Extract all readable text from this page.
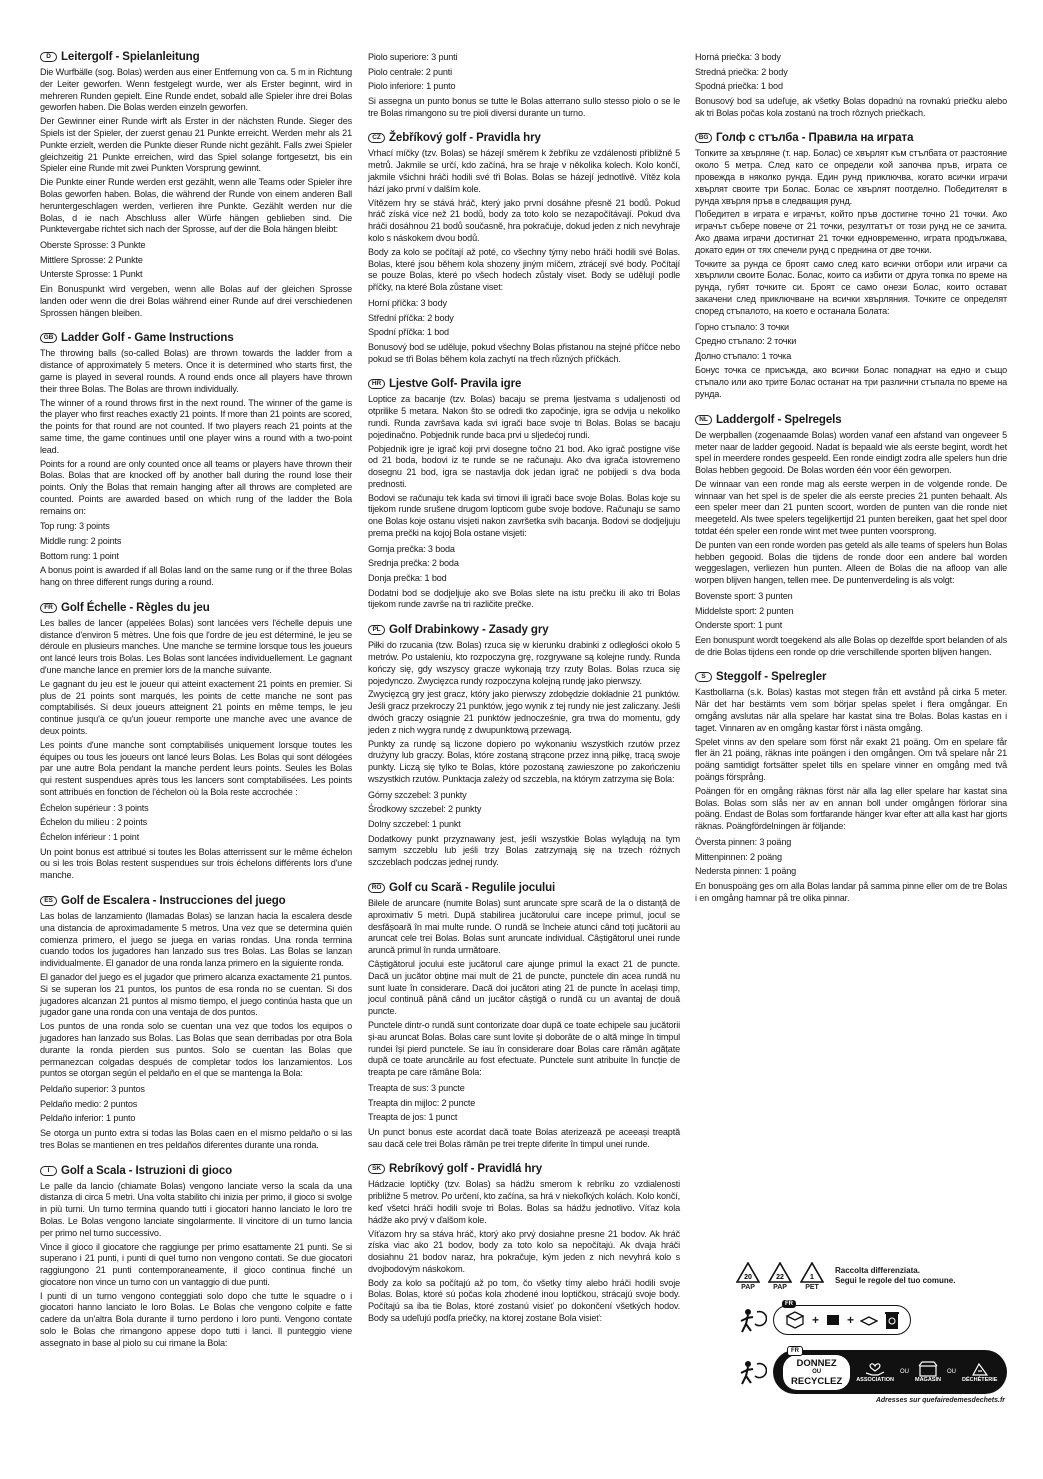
D Leitergolf - Spielanleitung

Die Wurfbälle (sog. Bolas) werden aus einer Entfernung von ca. 5 m in Richtung der Leiter geworfen. Wenn festgelegt wurde, wer als Erster beginnt, wird in mehreren Runden gepielt. Eine Runde endet, sobald alle Spieler ihre drei Bolas geworfen haben. Die Bolas werden einzeln geworfen.

Der Gewinner einer Runde wirft als Erster in der nächsten Runde. Sieger des Spiels ist der Spieler, der zuerst genau 21 Punkte erreicht. Werden mehr als 21 Punkte erzielt, werden die Punkte dieser Runde nicht gezählt. Falls zwei Spieler gleichzeitig 21 Punkte erreichen, wird das Spiel solange fortgesetzt, bis ein Spieler eine Runde mit zwei Punkten Vorsprung gewinnt.

Die Punkte einer Runde werden erst gezählt, wenn alle Teams oder Spieler ihre Bolas geworfen haben. Bolas, die während der Runde von einem anderen Ball heruntergeschlagen werden, verlieren ihre Punkte. Gezählt werden nur die Bolas, d ie nach Abschluss aller Würfe hängen geblieben sind. Die Punktevergabe richtet sich nach der Sprosse, auf der die Bola hängen bleibt:

Oberste Sprosse: 3 Punkte
Mittlere Sprosse: 2 Punkte
Unterste Sprosse: 1 Punkt

Ein Bonuspunkt wird vergeben, wenn alle Bolas auf der gleichen Sprosse landen oder wenn die drei Bolas während einer Runde auf drei verschiedenen Sprossen hängen bleiben.

GB Ladder Golf - Game Instructions

The throwing balls (so-called Bolas) are thrown towards the ladder from a distance of approximately 5 meters. Once it is determined who starts first, the game is played in several rounds. A round ends once all players have thrown their three Bolas. The Bolas are thrown individually.

The winner of a round throws first in the next round. The winner of the game is the player who first reaches exactly 21 points. If more than 21 points are scored, the points for that round are not counted. If two players reach 21 points at the same time, the game continues until one player wins a round with a two-point lead.

Points for a round are only counted once all teams or players have thrown their Bolas. Bolas that are knocked off by another ball during the round lose their points. Only the Bolas that remain hanging after all throws are completed are counted. Points are awarded based on which rung of the ladder the Bola remains on:

Top rung: 3 points
Middle rung: 2 points
Bottom rung: 1 point

A bonus point is awarded if all Bolas land on the same rung or if the three Bolas hang on three different rungs during a round.

FR Golf Échelle - Règles du jeu

Les balles de lancer (appelées Bolas) sont lancées vers l'échelle depuis une distance d'environ 5 mètres. Une fois que l'ordre de jeu est déterminé, le jeu se déroule en plusieurs manches. Une manche se termine lorsque tous les joueurs ont lancé leurs trois Bolas. Les Bolas sont lancées individuellement. Le gagnant d'une manche lance en premier lors de la manche suivante.

Le gagnant du jeu est le joueur qui atteint exactement 21 points en premier. Si plus de 21 points sont marqués, les points de cette manche ne sont pas comptabilisés. Si deux joueurs atteignent 21 points en même temps, le jeu continue jusqu'à ce qu'un joueur remporte une manche avec une avance de deux points.

Les points d'une manche sont comptabilisés uniquement lorsque toutes les équipes ou tous les joueurs ont lancé leurs Bolas. Les Bolas qui sont délogées par une autre Bola pendant la manche perdent leurs points. Seules les Bolas qui restent suspendues après tous les lancers sont comptabilisées. Les points sont attribués en fonction de l'échelon où la Bola reste accrochée :

Échelon supérieur : 3 points
Échelon du milieu : 2 points
Échelon inférieur : 1 point

Un point bonus est attribué si toutes les Bolas atterrissent sur le même échelon ou si les trois Bolas restent suspendues sur trois échelons différents lors d'une manche.

ES Golf de Escalera - Instrucciones del juego

Las bolas de lanzamiento (llamadas Bolas) se lanzan hacia la escalera desde una distancia de aproximadamente 5 metros. Una vez que se determina quién comienza primero, el juego se juega en varias rondas. Una ronda termina cuando todos los jugadores han lanzado sus tres Bolas. Las Bolas se lanzan individualmente. El ganador de una ronda lanza primero en la siguiente ronda.

El ganador del juego es el jugador que primero alcanza exactamente 21 puntos. Si se superan los 21 puntos, los puntos de esa ronda no se cuentan. Si dos jugadores alcanzan 21 puntos al mismo tiempo, el juego continúa hasta que un jugador gane una ronda con una ventaja de dos puntos.

Los puntos de una ronda solo se cuentan una vez que todos los equipos o jugadores han lanzado sus Bolas. Las Bolas que sean derribadas por otra Bola durante la ronda pierden sus puntos. Solo se cuentan las Bolas que permanezcan colgadas después de completar todos los lanzamientos. Los puntos se otorgan según el peldaño en el que se mantenga la Bola:

Peldaño superior: 3 puntos
Peldaño medio: 2 puntos
Peldaño inferior: 1 punto

Se otorga un punto extra si todas las Bolas caen en el mismo peldaño o si las tres Bolas se mantienen en tres peldaños diferentes durante una ronda.

I	Golf a Scala - Istruzioni di gioco

Le palle da lancio (chiamate Bolas) vengono lanciate verso la scala da una distanza di circa 5 metri. Una volta stabilito chi inizia per primo, il gioco si svolge in più turni. Un turno termina quando tutti i giocatori hanno lanciato le loro tre Bolas. Le Bolas vengono lanciate singolarmente. Il vincitore di un turno lancia per primo nel turno successivo.

Vince il gioco il giocatore che raggiunge per primo esattamente 21 punti. Se si superano i 21 punti, i punti di quel turno non vengono contati. Se due giocatori raggiungono 21 punti contemporaneamente, il gioco continua finché un giocatore non vince un turno con un vantaggio di due punti.

I punti di un turno vengono conteggiati solo dopo che tutte le squadre o i giocatori hanno lanciato le loro Bolas. Le Bolas che vengono colpite e fatte cadere da un'altra Bola durante il turno perdono i loro punti. Vengono contate solo le Bolas che rimangono appese dopo tutti i lanci. Il punteggio viene assegnato in base al piolo su cui rimane la Bola:

Piolo superiore: 3 punti
Piolo centrale: 2 punti
Piolo inferiore: 1 punto

Si assegna un punto bonus se tutte le Bolas atterrano sullo stesso piolo o se le tre Bolas rimangono su tre pioli diversi durante un turno.

CZ Žebříkový golf - Pravidla hry

Vrhací míčky (tzv. Bolas) se házejí směrem k žebříku ze vzdálenosti přibližně 5 metrů. Jakmile se určí, kdo začíná, hra se hraje v několika kolech. Kolo končí, jakmile všichni hráči hodili své tři Bolas. Bolas se házejí jednotlivě. Vítěz kola hází jako první v dalším kole.

Vítězem hry se stává hráč, který jako první dosáhne přesně 21 bodů. Pokud hráč získá více než 21 bodů, body za toto kolo se nezapočítávají. Pokud dva hráči dosáhnou 21 bodů současně, hra pokračuje, dokud jeden z nich nevyhraje kolo s náskokem dvou bodů.

Body za kolo se počítají až poté, co všechny týmy nebo hráči hodili své Bolas. Bolas, které jsou během kola shozeny jiným míčem, ztrácejí své body. Počítají se pouze Bolas, které po všech hodech zůstaly viset. Body se udělují podle příčky, na které Bola zůstane viset:

Horní příčka: 3 body
Střední příčka: 2 body
Spodní příčka: 1 bod

Bonusový bod se uděluje, pokud všechny Bolas přistanou na stejné příčce nebo pokud se tři Bolas během kola zachytí na třech různých příčkách.

HR Ljestve Golf- Pravila igre

Loptice za bacanje (tzv. Bolas) bacaju se prema ljestvama s udaljenosti od otprilike 5 metara. Nakon što se odredi tko započinje, igra se odvija u nekoliko rundi. Runda završava kada svi igrači bace svoje tri Bolas. Bolas se bacaju pojedinačno. Pobjednik runde baca prvi u sljedećoj rundi.

Pobjednik igre je igrač koji prvi dosegne točno 21 bod. Ako igrač postigne više od 21 boda, bodovi iz te runde se ne računaju. Ako dva igrača istovremeno dosegnu 21 bod, igra se nastavlja dok jedan igrač ne pobijedi s dva boda prednosti.

Bodovi se računaju tek kada svi timovi ili igrači bace svoje Bolas. Bolas koje su tijekom runde srušene drugom lopticom gube svoje bodove. Računaju se samo one Bolas koje ostanu visjeti nakon završetka svih bacanja. Bodovi se dodjeljuju prema prečki na kojoj Bola ostane visjeti:

Gornja prečka: 3 boda
Srednja prečka: 2 boda
Donja prečka: 1 bod

Dodatni bod se dodjeljuje ako sve Bolas slete na istu prečku ili ako tri Bolas tijekom runde završe na tri različite prečke.

PL Golf Drabinkowy - Zasady gry

Piłki do rzucania (tzw. Bolas) rzuca się w kierunku drabinki z odległości około 5 metrów. Po ustaleniu, kto rozpoczyna grę, rozgrywane są kolejne rundy. Runda kończy się, gdy wszyscy gracze wykonają trzy rzuty Bolas. Bolas rzuca się pojedynczo. Zwycięzca rundy rozpoczyna kolejną rundę jako pierwszy.

Zwycięzcą gry jest gracz, który jako pierwszy zdobędzie dokładnie 21 punktów. Jeśli gracz przekroczy 21 punktów, jego wynik z tej rundy nie jest zaliczany. Jeśli dwóch graczy osiągnie 21 punktów jednocześnie, gra trwa do momentu, gdy jeden z nich wygra rundę z dwupunktową przewagą.

Punkty za rundę są liczone dopiero po wykonaniu wszystkich rzutów przez drużyny lub graczy. Bolas, które zostaną strącone przez inną piłkę, tracą swoje punkty. Liczą się tylko te Bolas, które pozostaną zawieszone po zakończeniu wszystkich rzutów. Punktacja zależy od szczebla, na którym zatrzyma się Bola:

Górny szczebel: 3 punkty
Środkowy szczebel: 2 punkty
Dolny szczebel: 1 punkt

Dodatkowy punkt przyznawany jest, jeśli wszystkie Bolas wylądują na tym samym szczeblu lub jeśli trzy Bolas zatrzymają się na trzech różnych szczeblach podczas jednej rundy.

RO Golf cu Scară - Regulile jocului

Bilele de aruncare (numite Bolas) sunt aruncate spre scară de la o distanță de aproximativ 5 metri. După stabilirea jucătorului care incepe primul, jocul se desfășoară în mai multe runde. O rundă se încheie atunci când toți jucătorii au aruncat cele trei Bolas. Bolas sunt aruncate individual. Câștigătorul unei runde aruncă primul în runda următoare.

Câștigătorul jocului este jucătorul care ajunge primul la exact 21 de puncte. Dacă un jucător obține mai mult de 21 de puncte, punctele din acea rundă nu sunt luate în considerare. Dacă doi jucători ating 21 de puncte în același timp, jocul continuă până când un jucător câștigă o rundă cu un avantaj de două puncte.

Punctele dintr-o rundă sunt contorizate doar după ce toate echipele sau jucătorii și-au aruncat Bolas. Bolas care sunt lovite și doborâte de o altă minge în timpul rundei își pierd punctele. Se iau în considerare doar Bolas care rămân agățate după ce toate aruncările au fost efectuate. Punctele sunt atribuite în funcție de treapta pe care rămâne Bola:

Treapta de sus: 3 puncte
Treapta din mijloc: 2 puncte
Treapta de jos: 1 punct

Un punct bonus este acordat dacă toate Bolas aterizează pe aceeași treaptă sau dacă cele trei Bolas rămân pe trei trepte diferite în timpul unei runde.

SK Rebríkový golf - Pravidlá hry

Hádzacie loptičky (tzv. Bolas) sa hádžu smerom k rebríku zo vzdialenosti približne 5 metrov. Po určení, kto začína, sa hrá v niekoľkých kolách. Kolo končí, keď všetci hráči hodili svoje tri Bolas. Bolas sa hádžu jednotlivo. Víťaz kola hádže ako prvý v ďalšom kole.

Víťazom hry sa stáva hráč, ktorý ako prvý dosiahne presne 21 bodov. Ak hráč získa viac ako 21 bodov, body za toto kolo sa nepočítajú. Ak dvaja hráči dosiahnu 21 bodov naraz, hra pokračuje, kým jeden z nich nevyhrá kolo s dvojbodovým náskokom.

Body za kolo sa počítajú až po tom, čo všetky tímy alebo hráči hodili svoje Bolas. Bolas, ktoré sú počas kola zhodené inou loptičkou, strácajú svoje body. Počítajú sa iba tie Bolas, ktoré zostanú visieť po dokončení všetkých hodov. Body sa udeľujú podľa priečky, na ktorej zostane Bola visieť:

Horná priečka: 3 body
Stredná priečka: 2 body
Spodná priečka: 1 bod

Bonusový bod sa udeľuje, ak všetky Bolas dopadnú na rovnakú priečku alebo ak tri Bolas počas kola zostanú na troch rôznych priečkach.

BG Голф с стълба - Правила на играта

Топките за хвърляне (т. нар. Болас) се хвърлят към стълбата от разстояние около 5 метра. След като се определи кой започва пръв, играта се провежда в няколко рунда. Един рунд приключва, когато всички играчи хвърлят своите три Болас. Болас се хвърлят поотделно. Победителят в рунда хвърля пръв в следващия рунд.

Победител в играта е играчът, който пръв достигне точно 21 точки. Ако играчът събере повече от 21 точки, резултатът от този рунд не се зачита. Ако двама играчи достигнат 21 точки едновременно, играта продължава, докато един от тях спечели рунд с преднина от две точки.

Точките за рунда се броят само след като всички отбори или играчи са хвърлили своите Болас. Болас, които са избити от друга топка по време на рунда, губят точките си. Броят се само онези Болас, които остават закачени след приключване на всички хвърляния. Точките се определят според стъпалото, на което е останала Болата:

Горно стъпало: 3 точки
Средно стъпало: 2 точки
Долно стъпало: 1 точка

Бонус точка се присъжда, ако всички Болас попаднат на едно и също стъпало или ако трите Болас останат на три различни стъпала по време на рунда.

NL Laddergolf - Spelregels

De werpballen (zogenaamde Bolas) worden vanaf een afstand van ongeveer 5 meter naar de ladder gegooid. Nadat is bepaald wie als eerste begint, wordt het spel in meerdere rondes gespeeld. Een ronde eindigt zodra alle spelers hun drie Bolas hebben gegooid. De Bolas worden één voor één geworpen.

De winnaar van een ronde mag als eerste werpen in de volgende ronde. De winnaar van het spel is de speler die als eerste precies 21 punten behaalt. Als een speler meer dan 21 punten scoort, worden de punten van die ronde niet meegeteld. Als twee spelers tegelijkertijd 21 punten bereiken, gaat het spel door totdat één speler een ronde wint met twee punten voorsprong.

De punten van een ronde worden pas geteld als alle teams of spelers hun Bolas hebben gegooid. Bolas die tijdens de ronde door een andere bal worden weggeslagen, verliezen hun punten. Alleen de Bolas die na afloop van alle worpen blijven hangen, tellen mee. De puntenverdeling is als volgt:

Bovenste sport: 3 punten
Middelste sport: 2 punten
Onderste sport: 1 punt

Een bonuspunt wordt toegekend als alle Bolas op dezelfde sport belanden of als de drie Bolas tijdens een ronde op drie verschillende sporten blijven hangen.

S Steggolf - Spelregler

Kastbollarna (s.k. Bolas) kastas mot stegen från ett avstånd på cirka 5 meter. När det har bestämts vem som börjar spelas spelet i flera omgångar. En omgång avslutas när alla spelare har kastat sina tre Bolas. Bolas kastas en i taget. Vinnaren av en omgång kastar först i nästa omgång.

Spelet vinns av den spelare som först når exakt 21 poäng. Om en spelare får fler än 21 poäng, räknas inte poängen i den omgången. Om två spelare når 21 poäng samtidigt fortsätter spelet tills en spelare vinner en omgång med två poängs försprång.

Poängen för en omgång räknas först när alla lag eller spelare har kastat sina Bolas. Bolas som slås ner av en annan boll under omgången förlorar sina poäng. Endast de Bolas som fortfarande hänger kvar efter att alla kast har gjorts räknas. Poängfördelningen är följande:

Översta pinnen: 3 poäng
Mittenpinnen: 2 poäng
Nedersta pinnen: 1 poäng

En bonuspoäng ges om alla Bolas landar på samma pinne eller om de tre Bolas i en omgång hamnar på tre olika pinnar.

20
PAP
22
PAP
1
PET
Raccolta differenziata.
Segui le regole del tuo comune.
FR
+ +
FR
DONNEZ
OU
RECYCLEZ	ASSOCIATION
OU
MAGASIN
OU
DÉCHÈTERIE
Adresses sur quefairedemesdechets.fr
